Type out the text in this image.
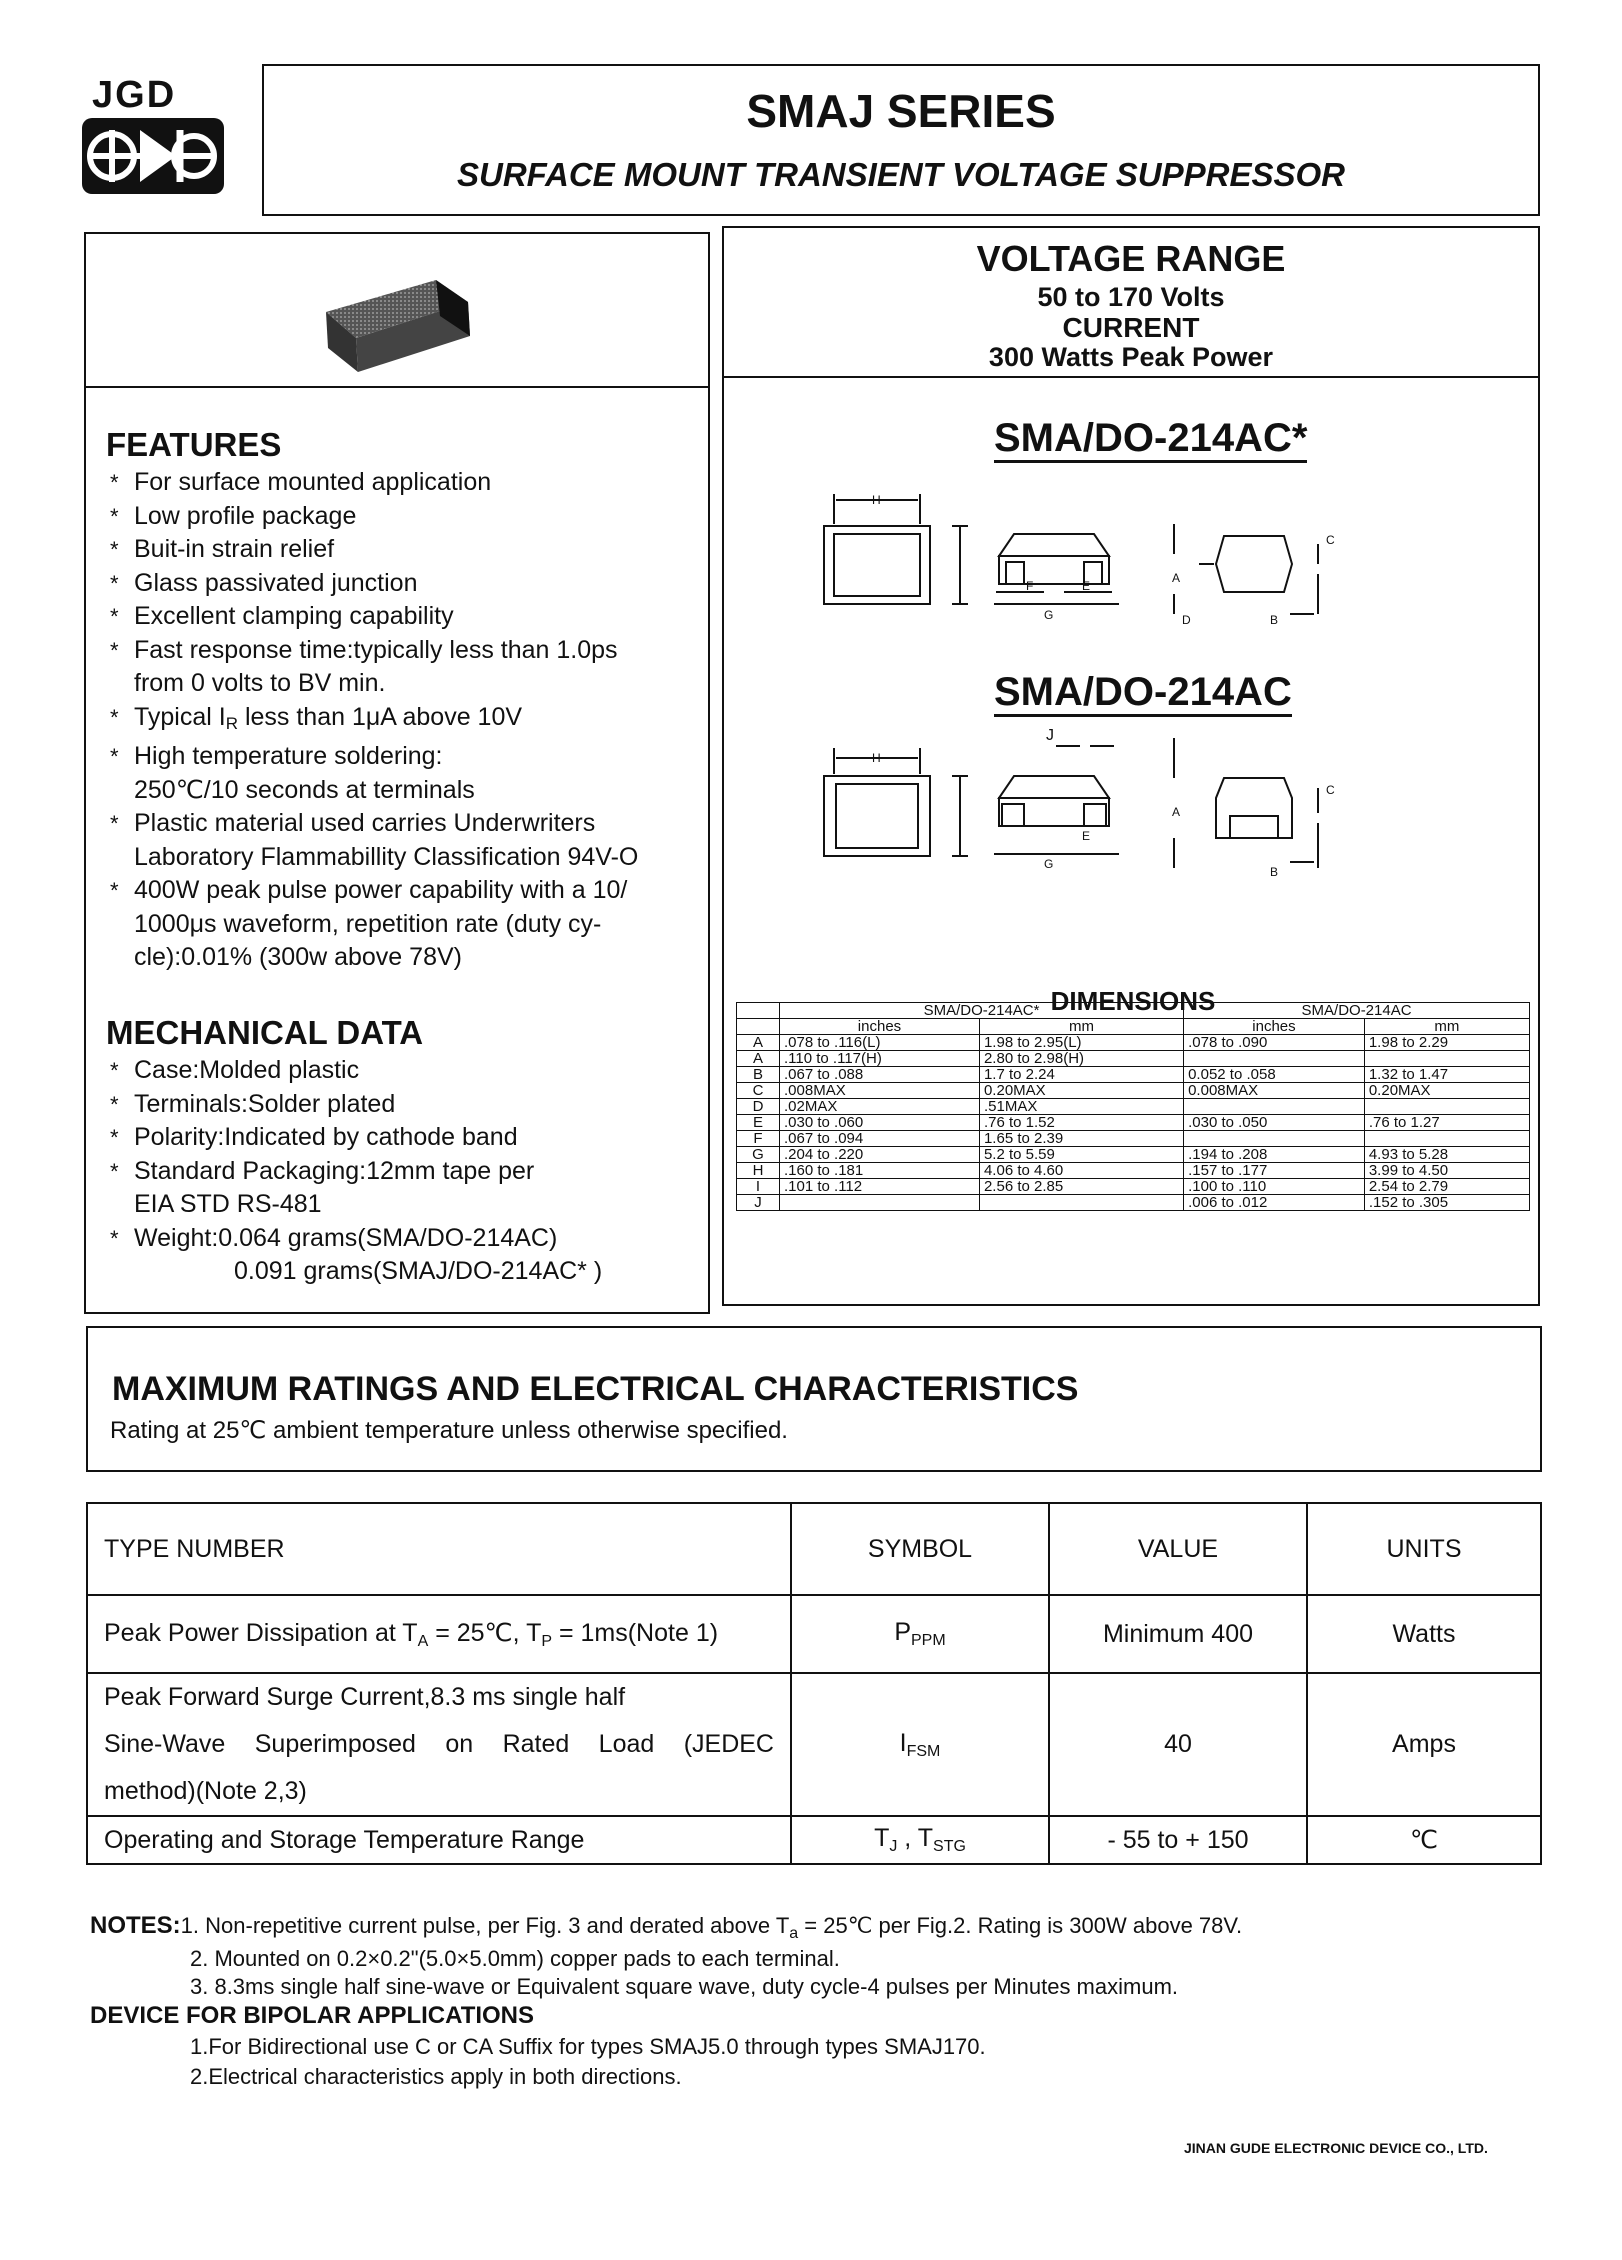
JGD	SMAJ SERIES
SURFACE MOUNT TRANSIENT VOLTAGE SUPPRESSOR
FEATURES
* For surface mounted application
* Low profile package
* Buit-in strain relief
* Glass passivated junction
* Excellent clamping capability
* Fast response time:typically less than 1.0ps
from 0 volts to BV min.
* Typical $I_R$ less than 1μA above 10V
* High temperature soldering:
250℃/10 seconds at terminals
* Plastic material used carries Underwriters
Laboratory Flammabillity Classification 94V-O
* 400W peak pulse power capability with a 10/
1000μs waveform, repetition rate (duty cy-
cle):0.01% (300w above 78V)
MECHANICAL DATA
* Case:Molded plastic
* Terminals:Solder plated
* Polarity:Indicated by cathode band
* Standard Packaging:12mm tape per
EIA STD RS-481
* Weight:0.064 grams(SMA/DO-214AC)
0.091 grams(SMAJ/DO-214AC* )
VOLTAGE RANGE
50 to 170 Volts
CURRENT
300 Watts Peak Power
SMA/DO-214AC*
H
G
F	E
A
D	B
C
SMA/DO-214AC
H
J
G
E
A
B
C
DIMENSIONS
	SMA/DO-214AC*		SMA/DO-214AC	
	inches	mm	inches	mm
A	.078 to .116(L)	1.98 to 2.95(L)	.078 to .090	1.98 to 2.29
A	.110 to .117(H)	2.80 to 2.98(H)		
B	.067 to .088	1.7 to 2.24	0.052 to .058	1.32 to 1.47
C	.008MAX	0.20MAX	0.008MAX	0.20MAX
D	.02MAX	.51MAX		
E	.030 to .060	.76 to 1.52	.030 to .050	.76 to 1.27
F	.067 to .094	1.65 to 2.39		
G	.204 to .220	5.2 to 5.59	.194 to .208	4.93 to 5.28
H	.160 to .181	4.06 to 4.60	.157 to .177	3.99 to 4.50
I	.101 to .112	2.56 to 2.85	.100 to .110	2.54 to 2.79
J			.006 to .012	.152 to .305
MAXIMUM RATINGS AND ELECTRICAL CHARACTERISTICS
Rating at 25℃ ambient temperature unless otherwise specified.
TYPE NUMBER	SYMBOL	VALUE	UNITS
Peak Power Dissipation at $T_A$ = 25℃, $T_P$ = 1ms(Note 1)	$P_{PPM}$	Minimum 400	Watts

Peak Forward Surge Current,8.3 ms single half
Sine-Wave Superimposed on Rated Load (JEDEC
method)(Note 2,3)	$I_{FSM}$	40	Amps
Operating and Storage Temperature Range	$T_J$ , $T_{STG}$	- 55 to + 150	℃
NOTES:1. Non-repetitive current pulse, per Fig. 3 and derated above $T_a$ = 25℃ per Fig.2. Rating is 300W above 78V.
2. Mounted on 0.2×0.2"(5.0×5.0mm) copper pads to each terminal.
3. 8.3ms single half sine-wave or Equivalent square wave, duty cycle-4 pulses per Minutes maximum.
DEVICE FOR BIPOLAR APPLICATIONS
1.For Bidirectional use C or CA Suffix for types SMAJ5.0 through types SMAJ170.
2.Electrical characteristics apply in both directions.
JINAN GUDE ELECTRONIC DEVICE CO., LTD.
